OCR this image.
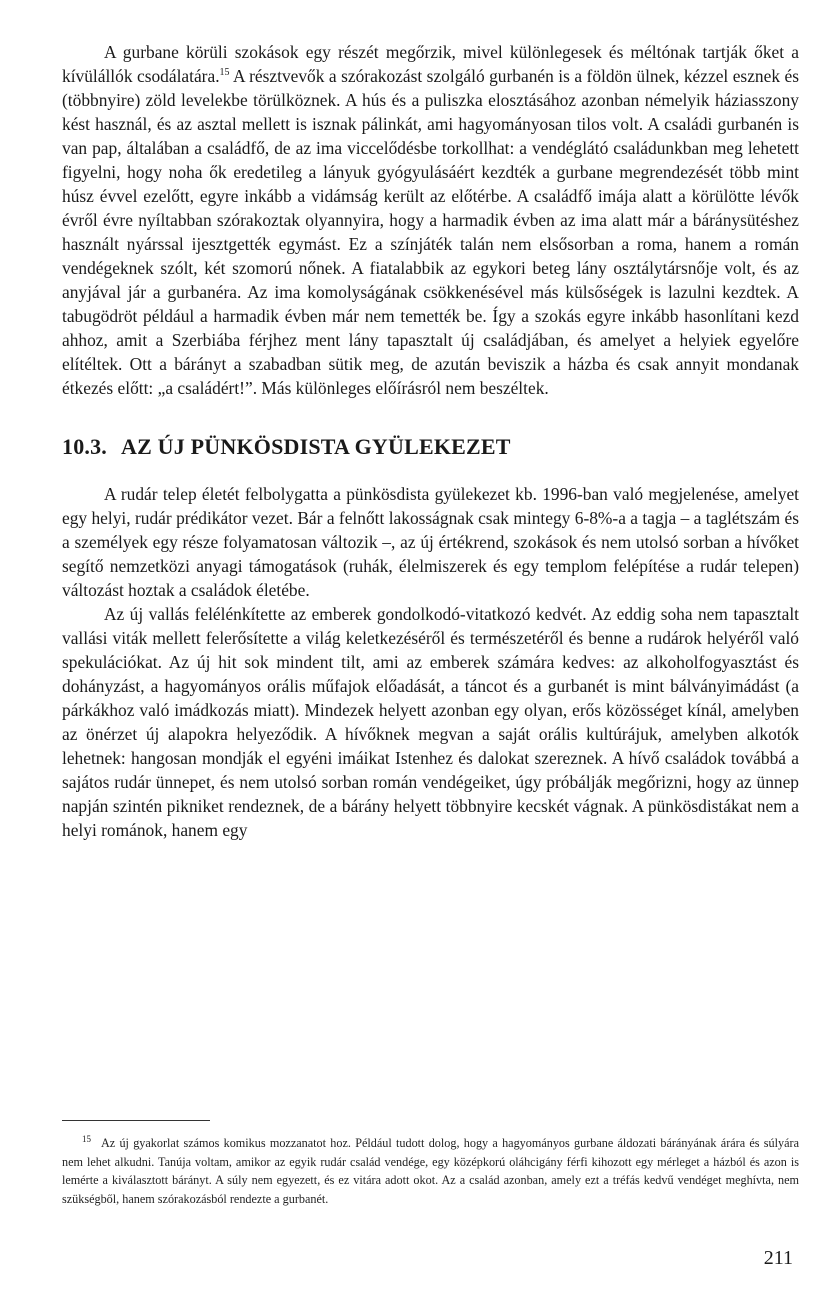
A gurbane körüli szokások egy részét megőrzik, mivel különlegesek és méltónak tartják őket a kívülállók csodálatára.$^{15}$ A résztvevők a szórakozást szolgáló gurbanén is a földön ülnek, kézzel esznek és (többnyire) zöld levelekbe törülköznek. A hús és a puliszka elosztásához azonban némelyik háziasszony kést használ, és az asztal mellett is isznak pálinkát, ami hagyományosan tilos volt. A családi gurbanén is van pap, általában a családfő, de az ima viccelődésbe torkollhat: a vendéglátó családunkban meg lehetett figyelni, hogy noha ők eredetileg a lányuk gyógyulásáért kezdték a gurbane megrendezését több mint húsz évvel ezelőtt, egyre inkább a vidámság került az előtérbe. A családfő imája alatt a körülötte lévők évről évre nyíltabban szórakoztak olyannyira, hogy a harmadik évben az ima alatt már a báránysütéshez használt nyárssal ijesztgették egymást. Ez a színjáték talán nem elsősorban a roma, hanem a román vendégeknek szólt, két szomorú nőnek. A fiatalabbik az egykori beteg lány osztálytársnője volt, és az anyjával jár a gurbanéra. Az ima komolyságának csökkenésével más külsőségek is lazulni kezdtek. A tabugödröt például a harmadik évben már nem temették be. Így a szokás egyre inkább hasonlítani kezd ahhoz, amit a Szerbiába férjhez ment lány tapasztalt új családjában, és amelyet a helyiek egyelőre elítéltek. Ott a bárányt a szabadban sütik meg, de azután beviszik a házba és csak annyit mondanak étkezés előtt: „a családért!”. Más különleges előírásról nem beszéltek.

10.3. AZ ÚJ PÜNKÖSDISTA GYÜLEKEZET

A rudár telep életét felbolygatta a pünkösdista gyülekezet kb. 1996-ban való megjelenése, amelyet egy helyi, rudár prédikátor vezet. Bár a felnőtt lakosságnak csak mintegy 6-8%-a a tagja – a taglétszám és a személyek egy része folyamatosan változik –, az új értékrend, szokások és nem utolsó sorban a hívőket segítő nemzetközi anyagi támogatások (ruhák, élelmiszerek és egy templom felépítése a rudár telepen) változást hoztak a családok életébe.

Az új vallás felélénkítette az emberek gondolkodó-vitatkozó kedvét. Az eddig soha nem tapasztalt vallási viták mellett felerősítette a világ keletkezéséről és természetéről és benne a rudárok helyéről való spekulációkat. Az új hit sok mindent tilt, ami az emberek számára kedves: az alkoholfogyasztást és dohányzást, a hagyományos orális műfajok előadását, a táncot és a gurbanét is mint bálványimádást (a párkákhoz való imádkozás miatt). Mindezek helyett azonban egy olyan, erős közösséget kínál, amelyben az önérzet új alapokra helyeződik. A hívőknek megvan a saját orális kultúrájuk, amelyben alkotók lehetnek: hangosan mondják el egyéni imáikat Istenhez és dalokat szereznek. A hívő családok továbbá a sajátos rudár ünnepet, és nem utolsó sorban román vendégeiket, úgy próbálják megőrizni, hogy az ünnep napján szintén pikniket rendeznek, de a bárány helyett többnyire kecskét vágnak. A pünkösdistákat nem a helyi románok, hanem egy

$^{15}$ Az új gyakorlat számos komikus mozzanatot hoz. Például tudott dolog, hogy a hagyományos gurbane áldozati bárányának árára és súlyára nem lehet alkudni. Tanúja voltam, amikor az egyik rudár család vendége, egy középkorú oláhcigány férfi kihozott egy mérleget a házból és azon is lemérte a kiválasztott bárányt. A súly nem egyezett, és ez vitára adott okot. Az a család azonban, amely ezt a tréfás kedvű vendéget meghívta, nem szükségből, hanem szórakozásból rendezte a gurbanét.
211
